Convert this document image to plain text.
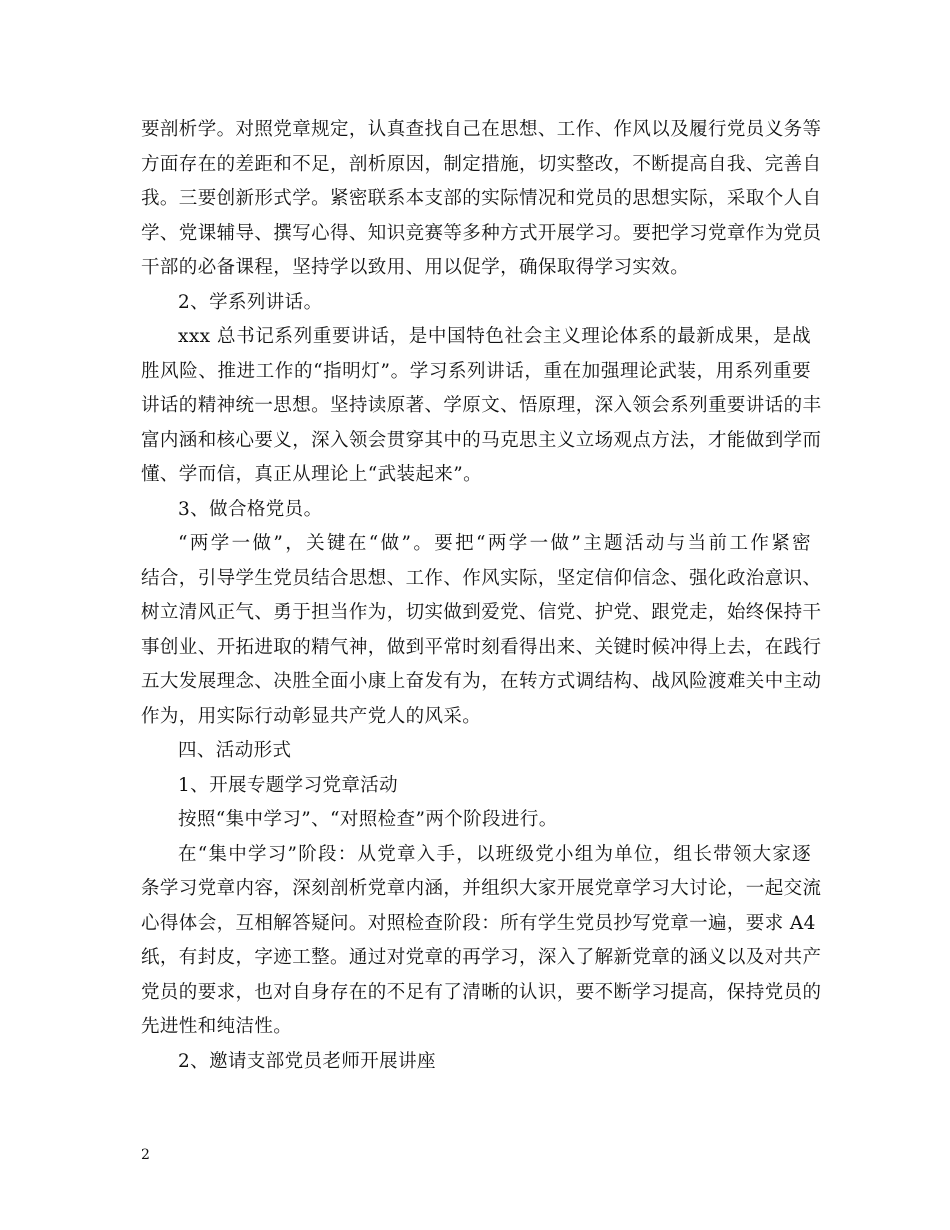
要剖析学。对照党章规定，认真查找自己在思想、工作、作风以及履行党员义务等
方面存在的差距和不足，剖析原因，制定措施，切实整改，不断提高自我、完善自
我。三要创新形式学。紧密联系本支部的实际情况和党员的思想实际，采取个人自
学、党课辅导、撰写心得、知识竞赛等多种方式开展学习。要把学习党章作为党员
干部的必备课程，坚持学以致用、用以促学，确保取得学习实效。
2、学系列讲话。
xxx 总书记系列重要讲话，是中国特色社会主义理论体系的最新成果，是战
胜风险、推进工作的“指明灯”。学习系列讲话，重在加强理论武装，用系列重要
讲话的精神统一思想。坚持读原著、学原文、悟原理，深入领会系列重要讲话的丰
富内涵和核心要义，深入领会贯穿其中的马克思主义立场观点方法，才能做到学而
懂、学而信，真正从理论上“武装起来”。
3、做合格党员。
“两学一做”，关键在“做”。要把“两学一做”主题活动与当前工作紧密
结合，引导学生党员结合思想、工作、作风实际，坚定信仰信念、强化政治意识、
树立清风正气、勇于担当作为，切实做到爱党、信党、护党、跟党走，始终保持干
事创业、开拓进取的精气神，做到平常时刻看得出来、关键时候冲得上去，在践行
五大发展理念、决胜全面小康上奋发有为，在转方式调结构、战风险渡难关中主动
作为，用实际行动彰显共产党人的风采。
四、活动形式
1、开展专题学习党章活动
按照“集中学习”、“对照检查”两个阶段进行。
在“集中学习”阶段：从党章入手，以班级党小组为单位，组长带领大家逐
条学习党章内容，深刻剖析党章内涵，并组织大家开展党章学习大讨论，一起交流
心得体会，互相解答疑问。对照检查阶段：所有学生党员抄写党章一遍，要求 A4
纸，有封皮，字迹工整。通过对党章的再学习，深入了解新党章的涵义以及对共产
党员的要求，也对自身存在的不足有了清晰的认识，要不断学习提高，保持党员的
先进性和纯洁性。
2、邀请支部党员老师开展讲座
2
